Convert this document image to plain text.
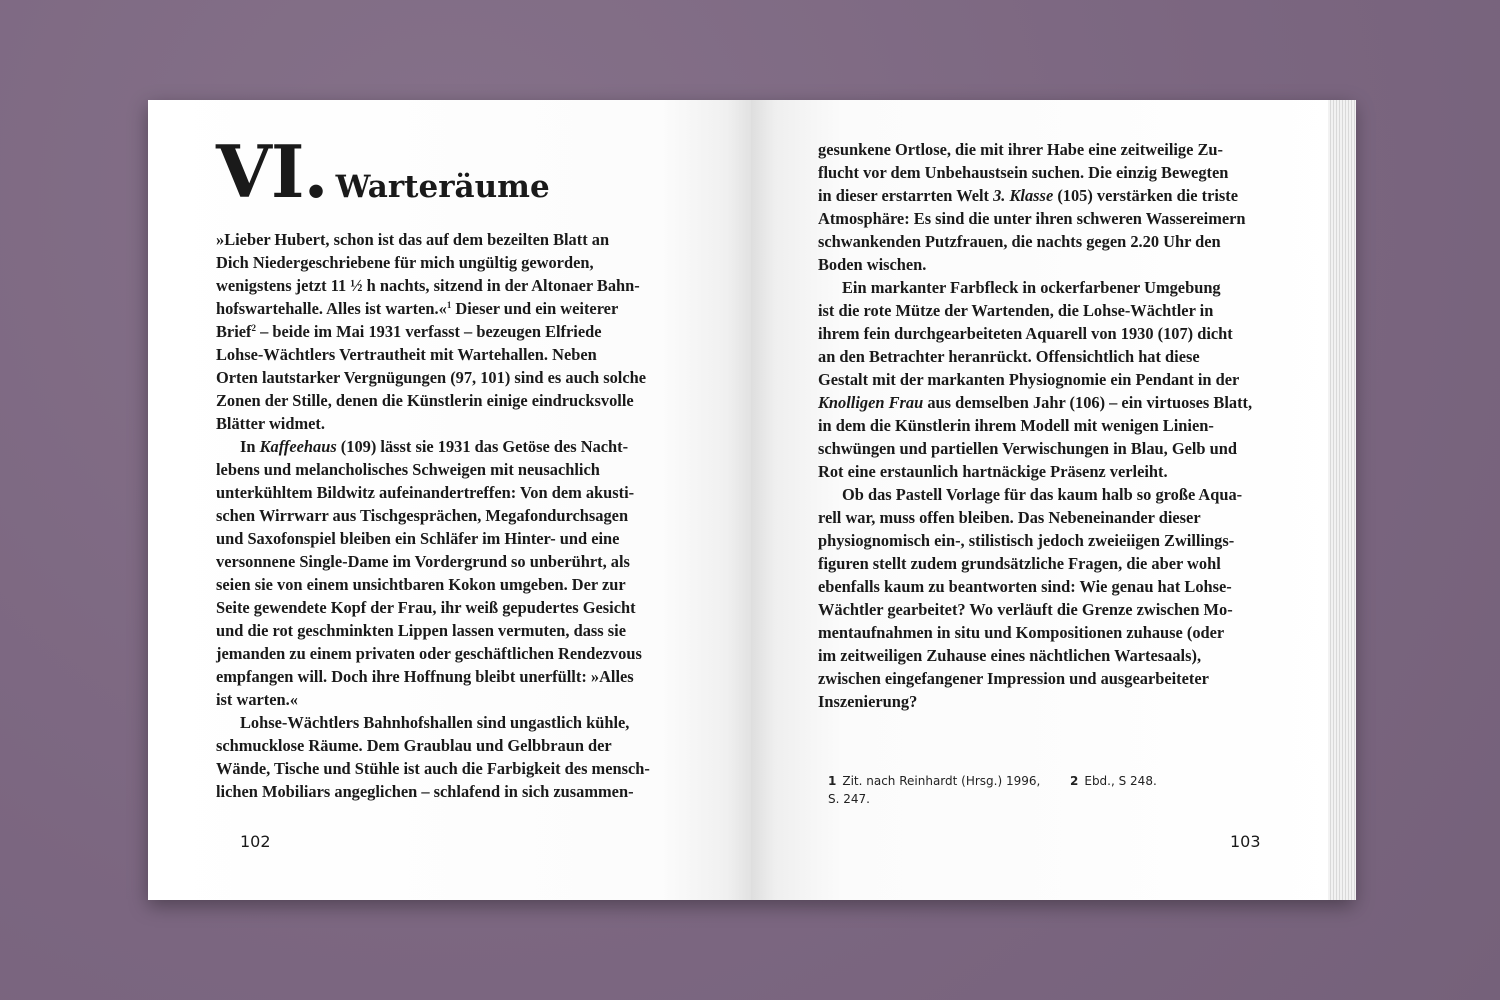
VI. Warteräume
»Lieber Hubert, schon ist das auf dem bezeilten Blatt an
Dich Niedergeschriebene für mich ungültig geworden,
wenigstens jetzt 11 ½ h nachts, sitzend in der Altonaer Bahn-
hofswartehalle. Alles ist warten.«$^1$ Dieser und ein weiterer
Brief$^2$ – beide im Mai 1931 verfasst – bezeugen Elfriede
Lohse-Wächtlers Vertrautheit mit Wartehallen. Neben
Orten lautstarker Vergnügungen (97, 101) sind es auch solche
Zonen der Stille, denen die Künstlerin einige eindrucksvolle
Blätter widmet.
In Kaffeehaus (109) lässt sie 1931 das Getöse des Nacht-
lebens und melancholisches Schweigen mit neusachlich
unterkühltem Bildwitz aufeinandertreffen: Von dem akusti-
schen Wirrwarr aus Tischgesprächen, Megafondurchsagen
und Saxofonspiel bleiben ein Schläfer im Hinter- und eine
versonnene Single-Dame im Vordergrund so unberührt, als
seien sie von einem unsichtbaren Kokon umgeben. Der zur
Seite gewendete Kopf der Frau, ihr weiß gepudertes Gesicht
und die rot geschminkten Lippen lassen vermuten, dass sie
jemanden zu einem privaten oder geschäftlichen Rendezvous
empfangen will. Doch ihre Hoffnung bleibt unerfüllt: »Alles
ist warten.«
Lohse-Wächtlers Bahnhofshallen sind ungastlich kühle,
schmucklose Räume. Dem Graublau und Gelbbraun der
Wände, Tische und Stühle ist auch die Farbigkeit des mensch-
lichen Mobiliars angeglichen – schlafend in sich zusammen-
102
gesunkene Ortlose, die mit ihrer Habe eine zeitweilige Zu-
flucht vor dem Unbehaustsein suchen. Die einzig Bewegten
in dieser erstarrten Welt 3. Klasse (105) verstärken die triste
Atmosphäre: Es sind die unter ihren schweren Wassereimern
schwankenden Putzfrauen, die nachts gegen 2.20 Uhr den
Boden wischen.
Ein markanter Farbfleck in ockerfarbener Umgebung
ist die rote Mütze der Wartenden, die Lohse-Wächtler in
ihrem fein durchgearbeiteten Aquarell von 1930 (107) dicht
an den Betrachter heranrückt. Offensichtlich hat diese
Gestalt mit der markanten Physiognomie ein Pendant in der
Knolligen Frau aus demselben Jahr (106) – ein virtuoses Blatt,
in dem die Künstlerin ihrem Modell mit wenigen Linien-
schwüngen und partiellen Verwischungen in Blau, Gelb und
Rot eine erstaunlich hartnäckige Präsenz verleiht.
Ob das Pastell Vorlage für das kaum halb so große Aqua-
rell war, muss offen bleiben. Das Nebeneinander dieser
physiognomisch ein-, stilistisch jedoch zweieiigen Zwillings-
figuren stellt zudem grundsätzliche Fragen, die aber wohl
ebenfalls kaum zu beantworten sind: Wie genau hat Lohse-
Wächtler gearbeitet? Wo verläuft die Grenze zwischen Mo-
mentaufnahmen in situ und Kompositionen zuhause (oder
im zeitweiligen Zuhause eines nächtlichen Wartesaals),
zwischen eingefangener Impression und ausgearbeiteter
Inszenierung?
1 Zit. nach Reinhardt (Hrsg.) 1996,
S. 247.
2 Ebd., S 248.
103
